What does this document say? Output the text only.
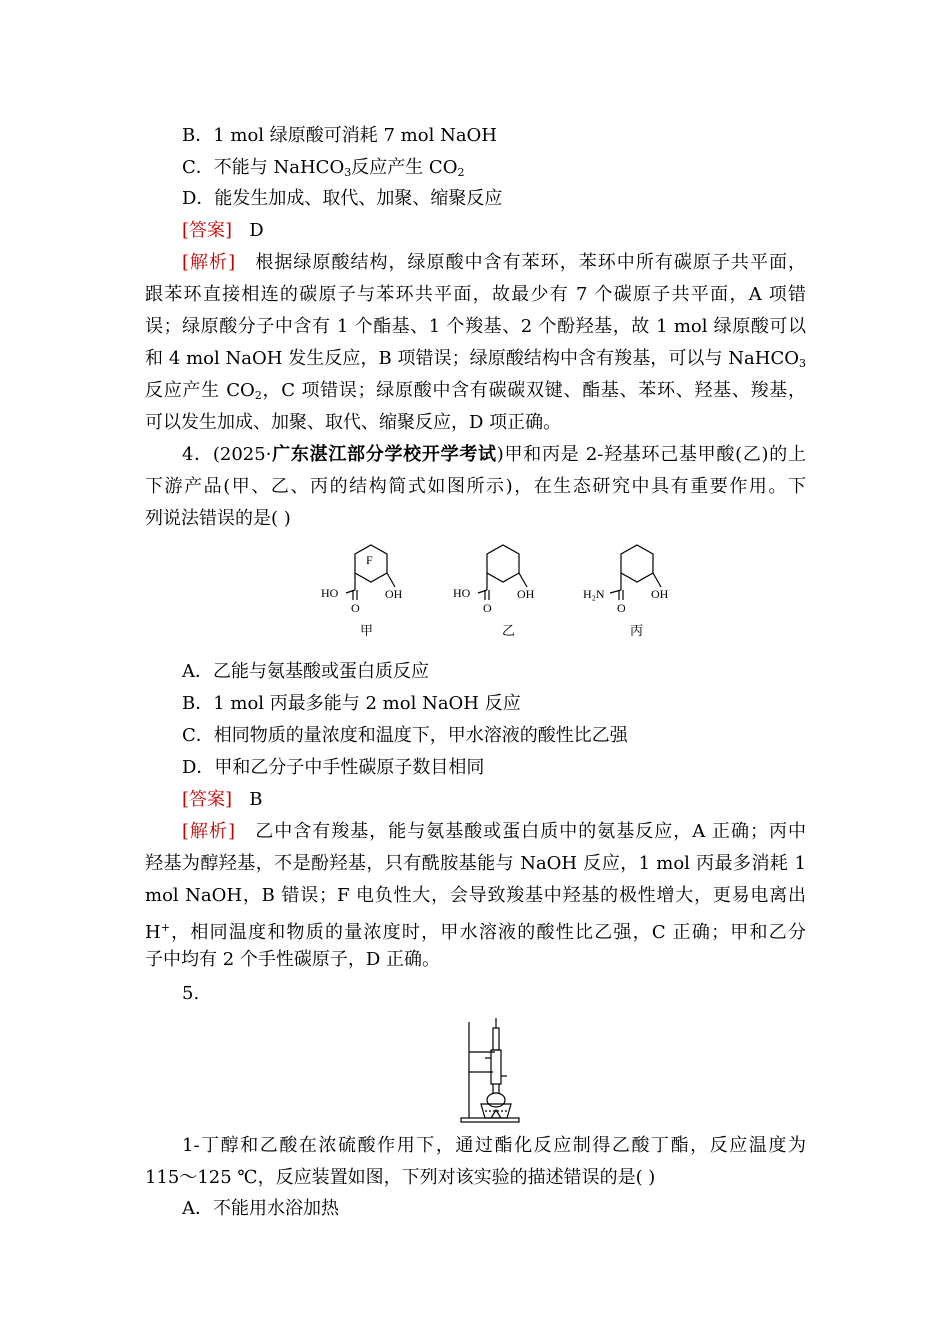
B．1 mol 绿原酸可消耗 7 mol NaOH
C．不能与 NaHCO$_3$反应产生 $CO_2$
D．能发生加成、取代、加聚、缩聚反应
[答案] D
[解析] 根据绿原酸结构，绿原酸中含有苯环，苯环中所有碳原子共平面，
跟苯环直接相连的碳原子与苯环共平面，故最少有 7 个碳原子共平面，A 项错
误；绿原酸分子中含有 1 个酯基、1 个羧基、2 个酚羟基，故 1 mol 绿原酸可以
和 4 mol NaOH 发生反应，B 项错误；绿原酸结构中含有羧基，可以与 NaHCO$_3$
反应产生 $CO_2$，C 项错误；绿原酸中含有碳碳双键、酯基、苯环、羟基、羧基，
可以发生加成、加聚、取代、缩聚反应，D 项正确。
4．(2025·广东湛江部分学校开学考试)甲和丙是 2-羟基环己基甲酸(乙)的上
下游产品(甲、乙、丙的结构简式如图所示)，在生态研究中具有重要作用。下
列说法错误的是( )
F
HO	OH
O
甲
HO	OH
O
乙
H₂N	OH
O
丙
A．乙能与氨基酸或蛋白质反应
B．1 mol 丙最多能与 2 mol NaOH 反应
C．相同物质的量浓度和温度下，甲水溶液的酸性比乙强
D．甲和乙分子中手性碳原子数目相同
[答案] B
[解析] 乙中含有羧基，能与氨基酸或蛋白质中的氨基反应，A 正确；丙中
羟基为醇羟基，不是酚羟基，只有酰胺基能与 NaOH 反应，1 mol 丙最多消耗 1
mol NaOH，B 错误；F 电负性大，会导致羧基中羟基的极性增大，更易电离出
H+，相同温度和物质的量浓度时，甲水溶液的酸性比乙强，C 正确；甲和乙分
子中均有 2 个手性碳原子，D 正确。
5.
1-丁醇和乙酸在浓硫酸作用下，通过酯化反应制得乙酸丁酯，反应温度为
115～125 ℃，反应装置如图，下列对该实验的描述错误的是( )
A．不能用水浴加热
